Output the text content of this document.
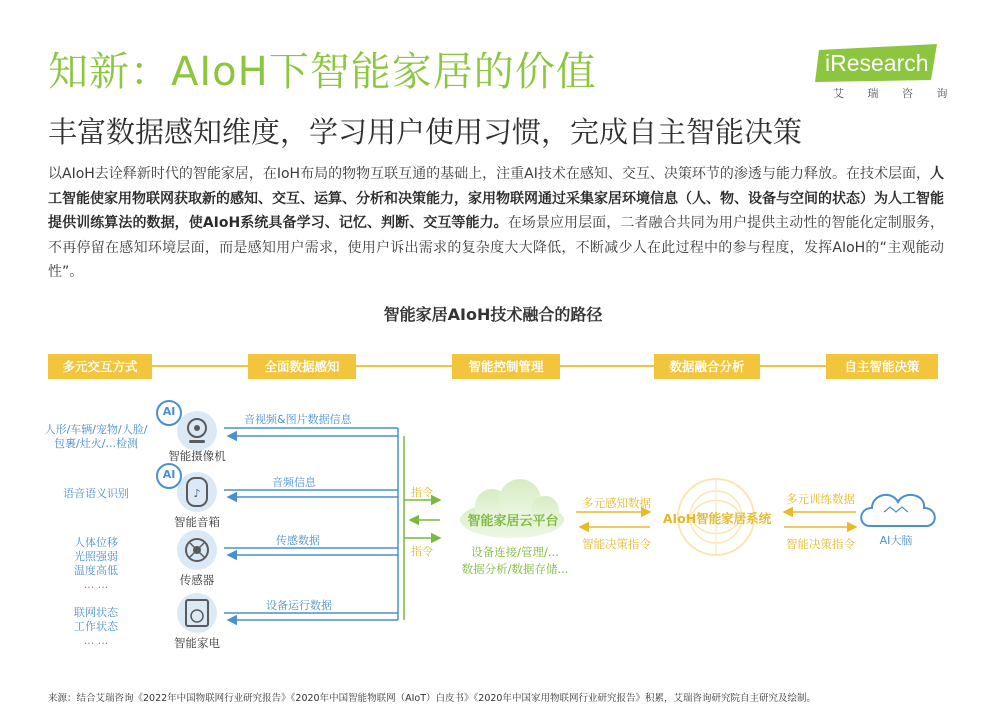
知新：AIoH下智能家居的价值
丰富数据感知维度，学习用户使用习惯，完成自主智能决策
iResearch
艾 瑞 咨 询
以AIoH去诠释新时代的智能家居，在IoH布局的物物互联互通的基础上，注重AI技术在感知、交互、决策环节的渗透与能力释放。在技术层面，人工智能使家用物联网获取新的感知、交互、运算、分析和决策能力，家用物联网通过采集家居环境信息（人、物、设备与空间的状态）为人工智能提供训练算法的数据，使AIoH系统具备学习、记忆、判断、交互等能力。在场景应用层面，二者融合共同为用户提供主动性的智能化定制服务，不再停留在感知环境层面，而是感知用户需求，使用户诉出需求的复杂度大大降低，不断减少人在此过程中的参与程度，发挥AIoH的“主观能动性”。
智能家居AIoH技术融合的路径
♪
多元交互方式	全面数据感知	智能控制管理	数据融合分析	自主智能决策
人形/车辆/宠物/人脸/
包裹/灶火/...检测
语音语义识别
人体位移
光照强弱
温度高低
... ...
联网状态
工作状态
... ...
AI
AI
智能摄像机
智能音箱
传感器
智能家电
音视频&图片数据信息
音频信息
传感数据
设备运行数据
指令
指令
智能家居云平台
设备连接/管理/...
数据分析/数据存储...
多元感知数据
智能决策指令
AIoH智能家居系统
多元训练数据
智能决策指令	AI大脑
来源：结合艾瑞咨询《2022年中国物联网行业研究报告》《2020年中国智能物联网（AIoT）白皮书》《2020年中国家用物联网行业研究报告》积累，艾瑞咨询研究院自主研究及绘制。
